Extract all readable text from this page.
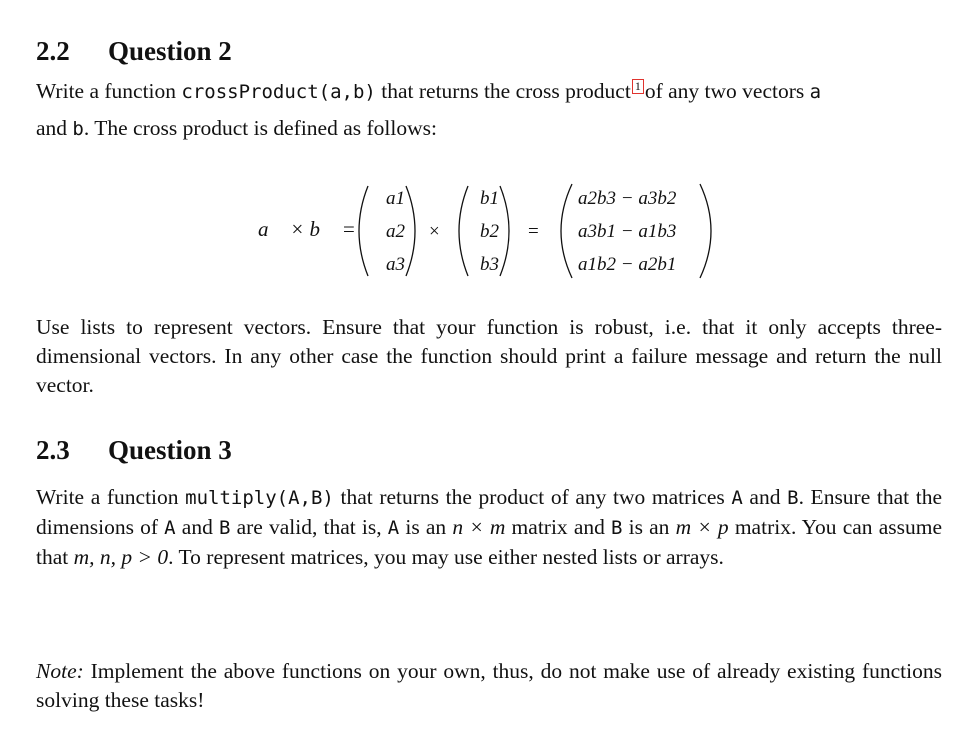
2.2 Question 2
Write a function crossProduct(a,b) that returns the cross product 1 of any two vectors a
and b. The cross product is defined as follows:
a⃗ × b⃗ =
a1
a2
a3
×
b1
b2
b3
=
a2b3 − a3b2
a3b1 − a1b3
a1b2 − a2b1
Use lists to represent vectors. Ensure that your function is robust, i.e. that it only accepts three-dimensional vectors. In any other case the function should print a failure message and return the null vector.
2.3 Question 3
Write a function multiply(A,B) that returns the product of any two matrices A and B. Ensure that the dimensions of A and B are valid, that is, A is an n × m matrix and B is an m × p matrix. You can assume that m, n, p > 0. To represent matrices, you may use either nested lists or arrays.
Note: Implement the above functions on your own, thus, do not make use of already existing functions solving these tasks!
